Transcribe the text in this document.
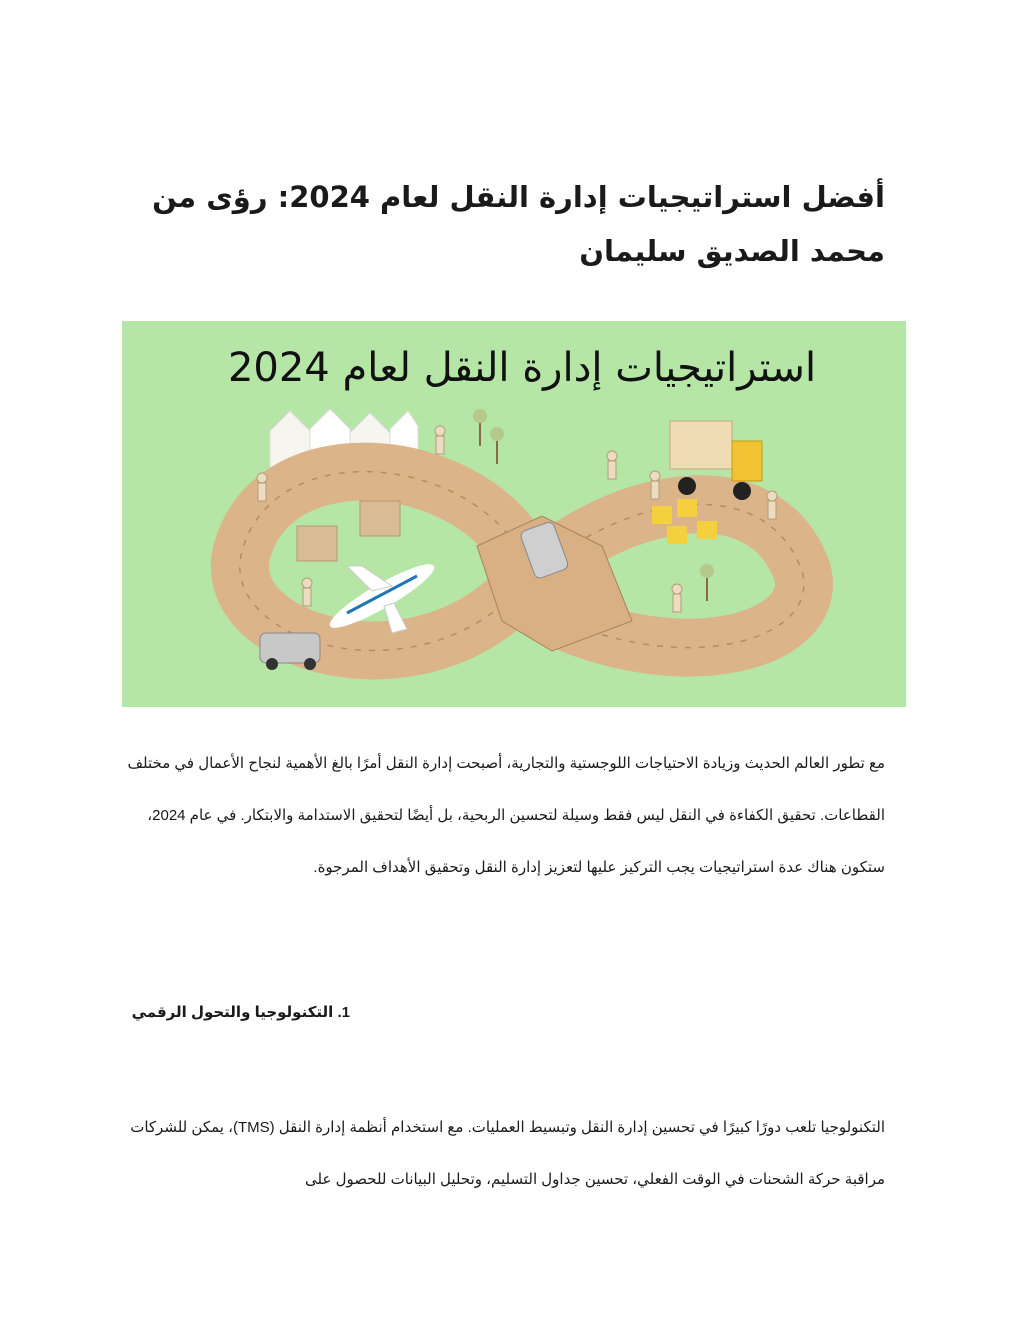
أفضل استراتيجيات إدارة النقل لعام 2024: رؤى من محمد الصديق سليمان
استراتيجيات إدارة النقل لعام 2024

مع تطور العالم الحديث وزيادة الاحتياجات اللوجستية والتجارية، أصبحت إدارة النقل أمرًا بالغ الأهمية لنجاح الأعمال في مختلف القطاعات. تحقيق الكفاءة في النقل ليس فقط وسيلة لتحسين الربحية، بل أيضًا لتحقيق الاستدامة والابتكار. في عام 2024، ستكون هناك عدة استراتيجيات يجب التركيز عليها لتعزيز إدارة النقل وتحقيق الأهداف المرجوة.

1. التكنولوجيا والتحول الرقمي

التكنولوجيا تلعب دورًا كبيرًا في تحسين إدارة النقل وتبسيط العمليات. مع استخدام أنظمة إدارة النقل (TMS)، يمكن للشركات مراقبة حركة الشحنات في الوقت الفعلي، تحسين جداول التسليم، وتحليل البيانات للحصول على
